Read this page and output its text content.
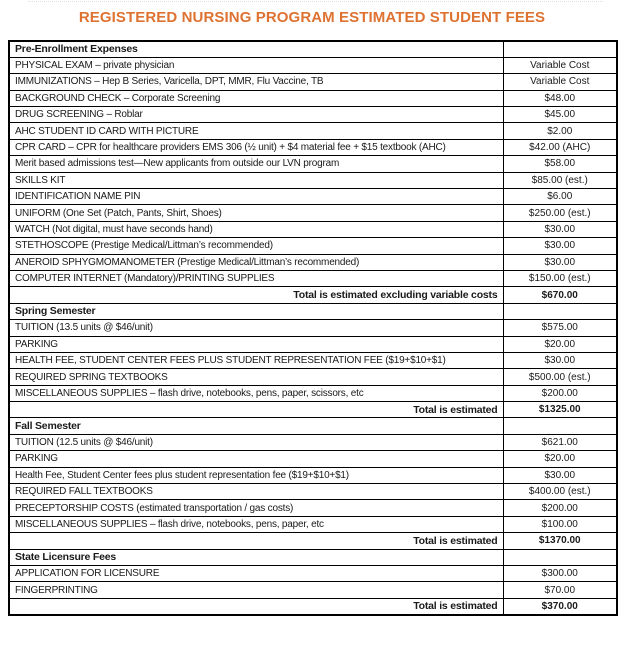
REGISTERED NURSING PROGRAM ESTIMATED STUDENT FEES
Pre-Enrollment Expenses	
PHYSICAL EXAM – private physician	Variable Cost
IMMUNIZATIONS – Hep B Series, Varicella, DPT, MMR, Flu Vaccine, TB	Variable Cost
BACKGROUND CHECK – Corporate Screening	$48.00
DRUG SCREENING – Roblar	$45.00
AHC STUDENT ID CARD WITH PICTURE	$2.00
CPR CARD – CPR for healthcare providers EMS 306 (½ unit) + $4 material fee + $15 textbook (AHC)	$42.00 (AHC)
Merit based admissions test—New applicants from outside our LVN program	$58.00
SKILLS KIT	$85.00 (est.)
IDENTIFICATION NAME PIN	$6.00
UNIFORM (One Set (Patch, Pants, Shirt, Shoes)	$250.00 (est.)
WATCH (Not digital, must have seconds hand)	$30.00
STETHOSCOPE (Prestige Medical/Littman’s recommended)	$30.00
ANEROID SPHYGMOMANOMETER (Prestige Medical/Littman’s recommended)	$30.00
COMPUTER INTERNET (Mandatory)/PRINTING SUPPLIES	$150.00 (est.)
Total is estimated excluding variable costs	$670.00
Spring Semester	
TUITION (13.5 units @ $46/unit)	$575.00
PARKING	$20.00
HEALTH FEE, STUDENT CENTER FEES PLUS STUDENT REPRESENTATION FEE ($19+$10+$1)	$30.00
REQUIRED SPRING TEXTBOOKS	$500.00 (est.)
MISCELLANEOUS SUPPLIES – flash drive, notebooks, pens, paper, scissors, etc	$200.00
Total is estimated	$1325.00
Fall Semester	
TUITION (12.5 units @ $46/unit)	$621.00
PARKING	$20.00
Health Fee, Student Center fees plus student representation fee ($19+$10+$1)	$30.00
REQUIRED FALL TEXTBOOKS	$400.00 (est.)
PRECEPTORSHIP COSTS (estimated transportation / gas costs)	$200.00
MISCELLANEOUS SUPPLIES – flash drive, notebooks, pens, paper, etc	$100.00
Total is estimated	$1370.00
State Licensure Fees	
APPLICATION FOR LICENSURE	$300.00
FINGERPRINTING	$70.00
Total is estimated	$370.00
